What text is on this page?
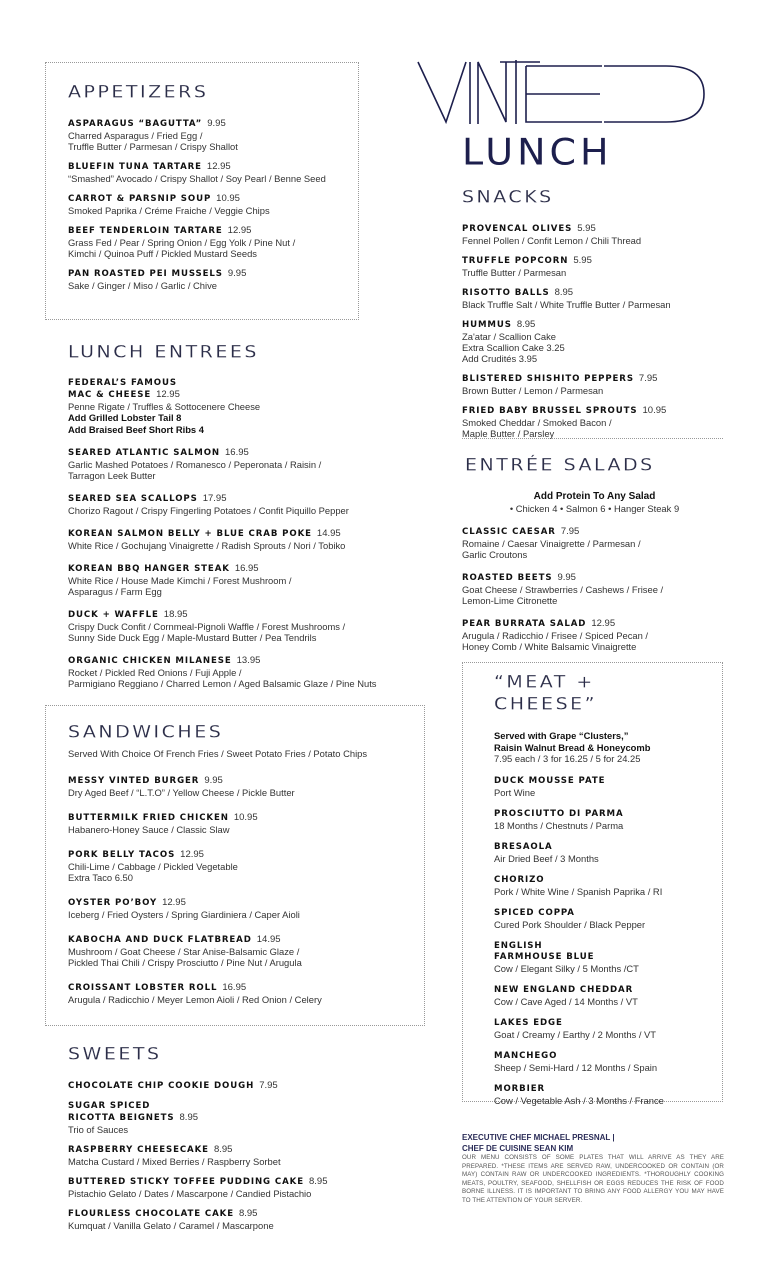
LUNCH
APPETIZERS
ASPARAGUS “BAGUTTA” 9.95
Charred Asparagus / Fried Egg /
Truffle Butter / Parmesan / Crispy Shallot
BLUEFIN TUNA TARTARE 12.95
“Smashed” Avocado / Crispy Shallot / Soy Pearl / Benne Seed
CARROT & PARSNIP SOUP 10.95
Smoked Paprika / Créme Fraiche / Veggie Chips
BEEF TENDERLOIN TARTARE 12.95
Grass Fed / Pear / Spring Onion / Egg Yolk / Pine Nut /
Kimchi / Quinoa Puff / Pickled Mustard Seeds
PAN ROASTED PEI MUSSELS 9.95
Sake / Ginger / Miso / Garlic / Chive
LUNCH ENTREES
FEDERAL’S FAMOUS
MAC & CHEESE 12.95
Penne Rigate / Truffles & Sottocenere Cheese
Add Grilled Lobster Tail 8
Add Braised Beef Short Ribs 4
SEARED ATLANTIC SALMON 16.95
Garlic Mashed Potatoes / Romanesco / Peperonata / Raisin /
Tarragon Leek Butter
SEARED SEA SCALLOPS 17.95
Chorizo Ragout / Crispy Fingerling Potatoes / Confit Piquillo Pepper
KOREAN SALMON BELLY + BLUE CRAB POKE 14.95
White Rice / Gochujang Vinaigrette / Radish Sprouts / Nori / Tobiko
KOREAN BBQ HANGER STEAK 16.95
White Rice / House Made Kimchi / Forest Mushroom /
Asparagus / Farm Egg
DUCK + WAFFLE 18.95
Crispy Duck Confit / Cornmeal-Pignoli Waffle / Forest Mushrooms /
Sunny Side Duck Egg / Maple-Mustard Butter / Pea Tendrils
ORGANIC CHICKEN MILANESE 13.95
Rocket / Pickled Red Onions / Fuji Apple /
Parmigiano Reggiano / Charred Lemon / Aged Balsamic Glaze / Pine Nuts
SANDWICHES
Served With Choice Of French Fries / Sweet Potato Fries / Potato Chips
MESSY VINTED BURGER 9.95
Dry Aged Beef / “L.T.O” / Yellow Cheese / Pickle Butter
BUTTERMILK FRIED CHICKEN 10.95
Habanero-Honey Sauce / Classic Slaw
PORK BELLY TACOS 12.95
Chili-Lime / Cabbage / Pickled Vegetable
Extra Taco 6.50
OYSTER PO’BOY 12.95
Iceberg / Fried Oysters / Spring Giardiniera / Caper Aioli
KABOCHA AND DUCK FLATBREAD 14.95
Mushroom / Goat Cheese / Star Anise-Balsamic Glaze /
Pickled Thai Chili / Crispy Prosciutto / Pine Nut / Arugula
CROISSANT LOBSTER ROLL 16.95
Arugula / Radicchio / Meyer Lemon Aioli / Red Onion / Celery
SWEETS
CHOCOLATE CHIP COOKIE DOUGH 7.95
SUGAR SPICED
RICOTTA BEIGNETS 8.95
Trio of Sauces
RASPBERRY CHEESECAKE 8.95
Matcha Custard / Mixed Berries / Raspberry Sorbet
BUTTERED STICKY TOFFEE PUDDING CAKE 8.95
Pistachio Gelato / Dates / Mascarpone / Candied Pistachio
FLOURLESS CHOCOLATE CAKE 8.95
Kumquat / Vanilla Gelato / Caramel / Mascarpone
SNACKS
PROVENCAL OLIVES 5.95
Fennel Pollen / Confit Lemon / Chili Thread
TRUFFLE POPCORN 5.95
Truffle Butter / Parmesan
RISOTTO BALLS 8.95
Black Truffle Salt / White Truffle Butter / Parmesan
HUMMUS 8.95
Za'atar / Scallion Cake
Extra Scallion Cake 3.25
Add Crudités 3.95
BLISTERED SHISHITO PEPPERS 7.95
Brown Butter / Lemon / Parmesan
FRIED BABY BRUSSEL SPROUTS 10.95
Smoked Cheddar / Smoked Bacon /
Maple Butter / Parsley
ENTRÉE SALADS
Add Protein To Any Salad
• Chicken 4 • Salmon 6 • Hanger Steak 9
CLASSIC CAESAR 7.95
Romaine / Caesar Vinaigrette / Parmesan /
Garlic Croutons
ROASTED BEETS 9.95
Goat Cheese / Strawberries / Cashews / Frisee /
Lemon-Lime Citronette
PEAR BURRATA SALAD 12.95
Arugula / Radicchio / Frisee / Spiced Pecan /
Honey Comb / White Balsamic Vinaigrette
“MEAT +
CHEESE”
Served with Grape “Clusters,”
Raisin Walnut Bread & Honeycomb
7.95 each / 3 for 16.25 / 5 for 24.25
DUCK MOUSSE PATE
Port Wine
PROSCIUTTO DI PARMA
18 Months / Chestnuts / Parma
BRESAOLA
Air Dried Beef / 3 Months
CHORIZO
Pork / White Wine / Spanish Paprika / RI
SPICED COPPA
Cured Pork Shoulder / Black Pepper
ENGLISH
FARMHOUSE BLUE
Cow / Elegant Silky / 5 Months /CT
NEW ENGLAND CHEDDAR
Cow / Cave Aged / 14 Months / VT
LAKES EDGE
Goat / Creamy / Earthy / 2 Months / VT
MANCHEGO
Sheep / Semi-Hard / 12 Months / Spain
MORBIER
Cow / Vegetable Ash / 3 Months / France
EXECUTIVE CHEF MICHAEL PRESNAL |
CHEF DE CUISINE SEAN KIM
OUR MENU CONSISTS OF SOME PLATES THAT WILL ARRIVE AS THEY ARE PREPARED. *THESE ITEMS ARE SERVED RAW, UNDERCOOKED OR CONTAIN (OR MAY) CONTAIN RAW OR UNDERCOOKED INGREDIENTS. *THOROUGHLY COOKING MEATS, POULTRY, SEAFOOD, SHELLFISH OR EGGS REDUCES THE RISK OF FOOD BORNE ILLNESS. IT IS IMPORTANT TO BRING ANY FOOD ALLERGY YOU MAY HAVE TO THE ATTENTION OF YOUR SERVER.
